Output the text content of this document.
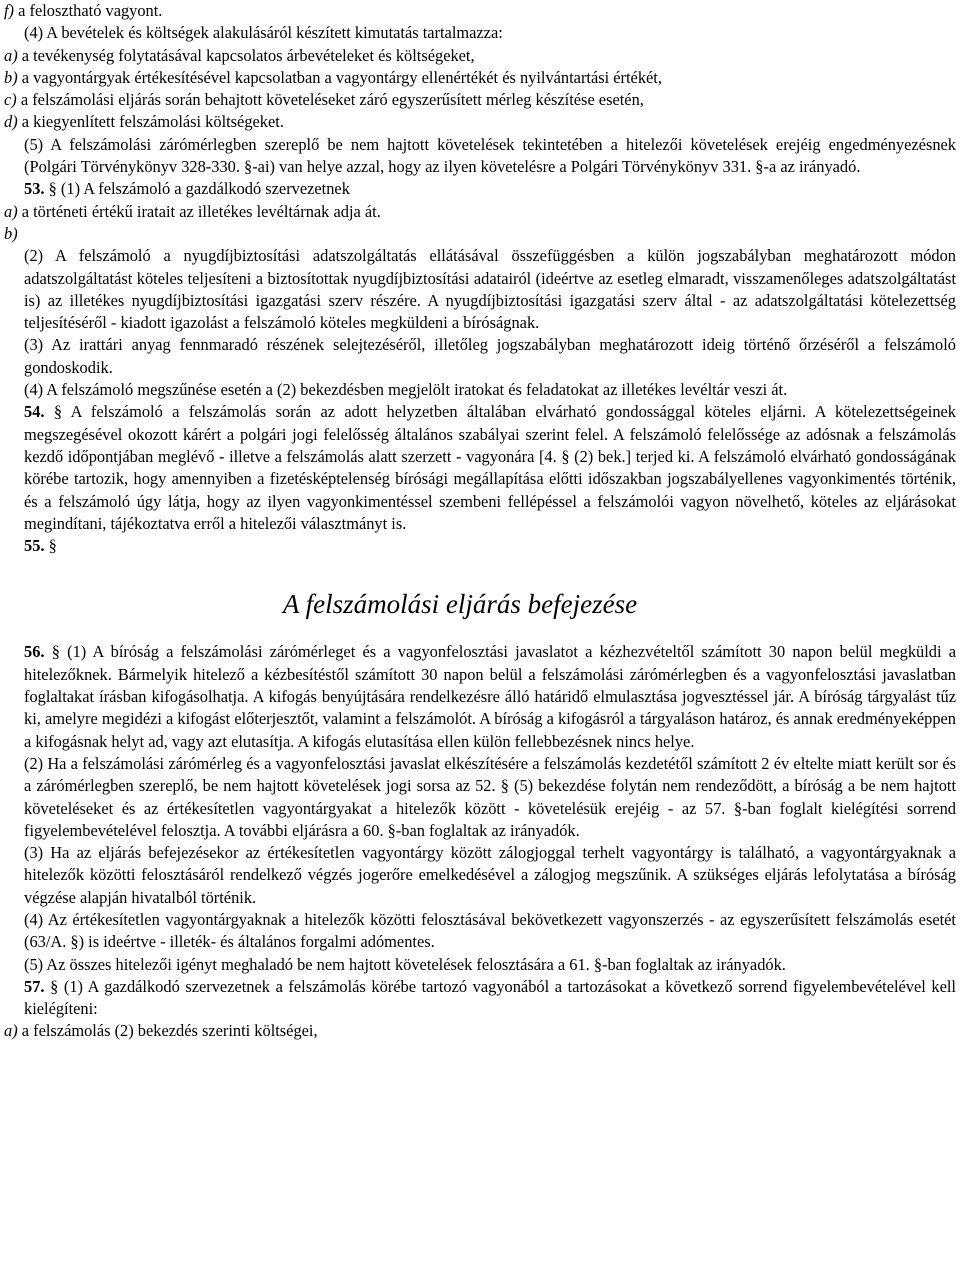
f) a felosztható vagyont.

(4) A bevételek és költségek alakulásáról készített kimutatás tartalmazza:

a) a tevékenység folytatásával kapcsolatos árbevételeket és költségeket,

b) a vagyontárgyak értékesítésével kapcsolatban a vagyontárgy ellenértékét és nyilvántartási értékét,

c) a felszámolási eljárás során behajtott követeléseket záró egyszerűsített mérleg készítése esetén,

d) a kiegyenlített felszámolási költségeket.

(5) A felszámolási zárómérlegben szereplő be nem hajtott követelések tekintetében a hitelezői követelések erejéig engedményezésnek (Polgári Törvénykönyv 328-330. §-ai) van helye azzal, hogy az ilyen követelésre a Polgári Törvénykönyv 331. §-a az irányadó.

53. § (1) A felszámoló a gazdálkodó szervezetnek

a) a történeti értékű iratait az illetékes levéltárnak adja át.

b)

(2) A felszámoló a nyugdíjbiztosítási adatszolgáltatás ellátásával összefüggésben a külön jogszabályban meghatározott módon adatszolgáltatást köteles teljesíteni a biztosítottak nyugdíjbiztosítási adatairól (ideértve az esetleg elmaradt, visszamenőleges adatszolgáltatást is) az illetékes nyugdíjbiztosítási igazgatási szerv részére. A nyugdíjbiztosítási igazgatási szerv által - az adatszolgáltatási kötelezettség teljesítéséről - kiadott igazolást a felszámoló köteles megküldeni a bíróságnak.

(3) Az irattári anyag fennmaradó részének selejtezéséről, illetőleg jogszabályban meghatározott ideig történő őrzéséről a felszámoló gondoskodik.

(4) A felszámoló megszűnése esetén a (2) bekezdésben megjelölt iratokat és feladatokat az illetékes levéltár veszi át.

54. § A felszámoló a felszámolás során az adott helyzetben általában elvárható gondossággal köteles eljárni. A kötelezettségeinek megszegésével okozott kárért a polgári jogi felelősség általános szabályai szerint felel. A felszámoló felelőssége az adósnak a felszámolás kezdő időpontjában meglévő - illetve a felszámolás alatt szerzett - vagyonára [4. § (2) bek.] terjed ki. A felszámoló elvárható gondosságának körébe tartozik, hogy amennyiben a fizetésképtelenség bírósági megállapítása előtti időszakban jogszabályellenes vagyonkimentés történik, és a felszámoló úgy látja, hogy az ilyen vagyonkimentéssel szembeni fellépéssel a felszámolói vagyon növelhető, köteles az eljárásokat megindítani, tájékoztatva erről a hitelezői választmányt is.

55. §

A felszámolási eljárás befejezése

56. § (1) A bíróság a felszámolási zárómérleget és a vagyonfelosztási javaslatot a kézhezvételtől számított 30 napon belül megküldi a hitelezőknek. Bármelyik hitelező a kézbesítéstől számított 30 napon belül a felszámolási zárómérlegben és a vagyonfelosztási javaslatban foglaltakat írásban kifogásolhatja. A kifogás benyújtására rendelkezésre álló határidő elmulasztása jogvesztéssel jár. A bíróság tárgyalást tűz ki, amelyre megidézi a kifogást előterjesztőt, valamint a felszámolót. A bíróság a kifogásról a tárgyaláson határoz, és annak eredményeképpen a kifogásnak helyt ad, vagy azt elutasítja. A kifogás elutasítása ellen külön fellebbezésnek nincs helye.

(2) Ha a felszámolási zárómérleg és a vagyonfelosztási javaslat elkészítésére a felszámolás kezdetétől számított 2 év eltelte miatt került sor és a zárómérlegben szereplő, be nem hajtott követelések jogi sorsa az 52. § (5) bekezdése folytán nem rendeződött, a bíróság a be nem hajtott követeléseket és az értékesítetlen vagyontárgyakat a hitelezők között - követelésük erejéig - az 57. §-ban foglalt kielégítési sorrend figyelembevételével felosztja. A további eljárásra a 60. §-ban foglaltak az irányadók.

(3) Ha az eljárás befejezésekor az értékesítetlen vagyontárgy között zálogjoggal terhelt vagyontárgy is található, a vagyontárgyaknak a hitelezők közötti felosztásáról rendelkező végzés jogerőre emelkedésével a zálogjog megszűnik. A szükséges eljárás lefolytatása a bíróság végzése alapján hivatalból történik.

(4) Az értékesítetlen vagyontárgyaknak a hitelezők közötti felosztásával bekövetkezett vagyonszerzés - az egyszerűsített felszámolás esetét (63/A. §) is ideértve - illeték- és általános forgalmi adómentes.

(5) Az összes hitelezői igényt meghaladó be nem hajtott követelések felosztására a 61. §-ban foglaltak az irányadók.

57. § (1) A gazdálkodó szervezetnek a felszámolás körébe tartozó vagyonából a tartozásokat a következő sorrend figyelembevételével kell kielégíteni:

a) a felszámolás (2) bekezdés szerinti költségei,
